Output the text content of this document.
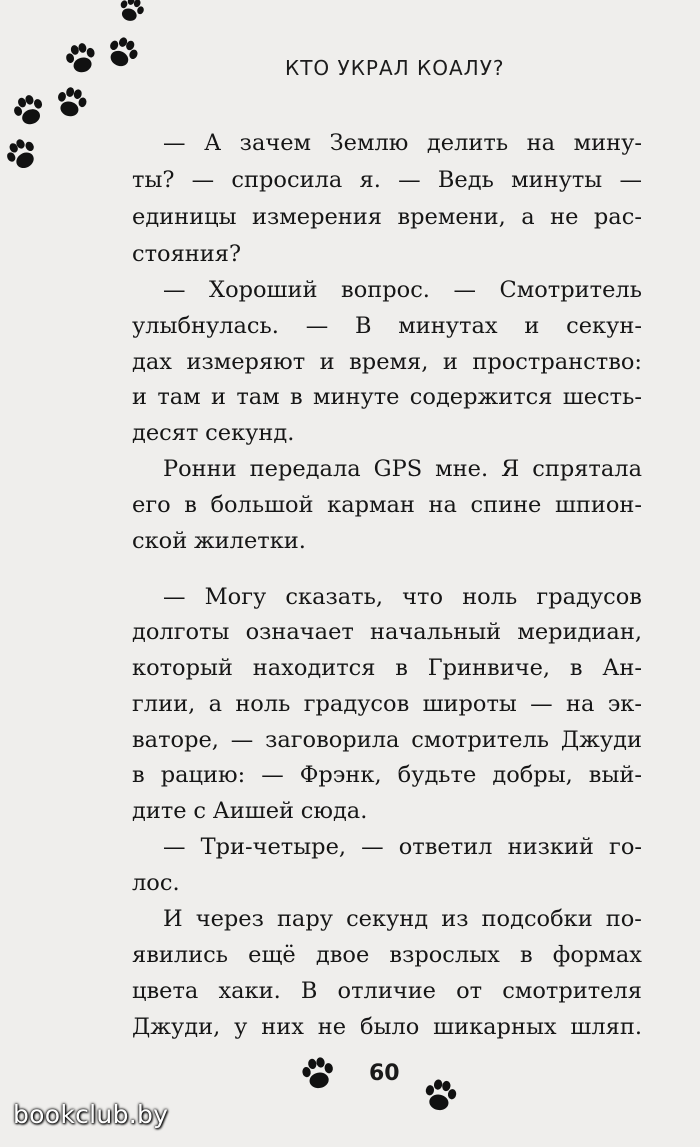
КТО УКРАЛ КОАЛУ?
— А зачем Землю делить на мину-
ты? — спросила я. — Ведь минуты —
единицы измерения времени, а не рас-
стояния?
— Хороший вопрос. — Смотритель
улыбнулась. — В минутах и секун-
дах измеряют и время, и пространство:
и там и там в минуте содержится шесть-
десят секунд.
Ронни передала GPS мне. Я спрятала
его в большой карман на спине шпион-
ской жилетки.
— Могу сказать, что ноль градусов
долготы означает начальный меридиан,
который находится в Гринвиче, в Ан-
глии, а ноль градусов широты — на эк-
ваторе, — заговорила смотритель Джуди
в рацию: — Фрэнк, будьте добры, вый-
дите с Аишей сюда.
— Три-четыре, — ответил низкий го-
лос.
И через пару секунд из подсобки по-
явились ещё двое взрослых в формах
цвета хаки. В отличие от смотрителя
Джуди, у них не было шикарных шляп.
60
bookclub.by
